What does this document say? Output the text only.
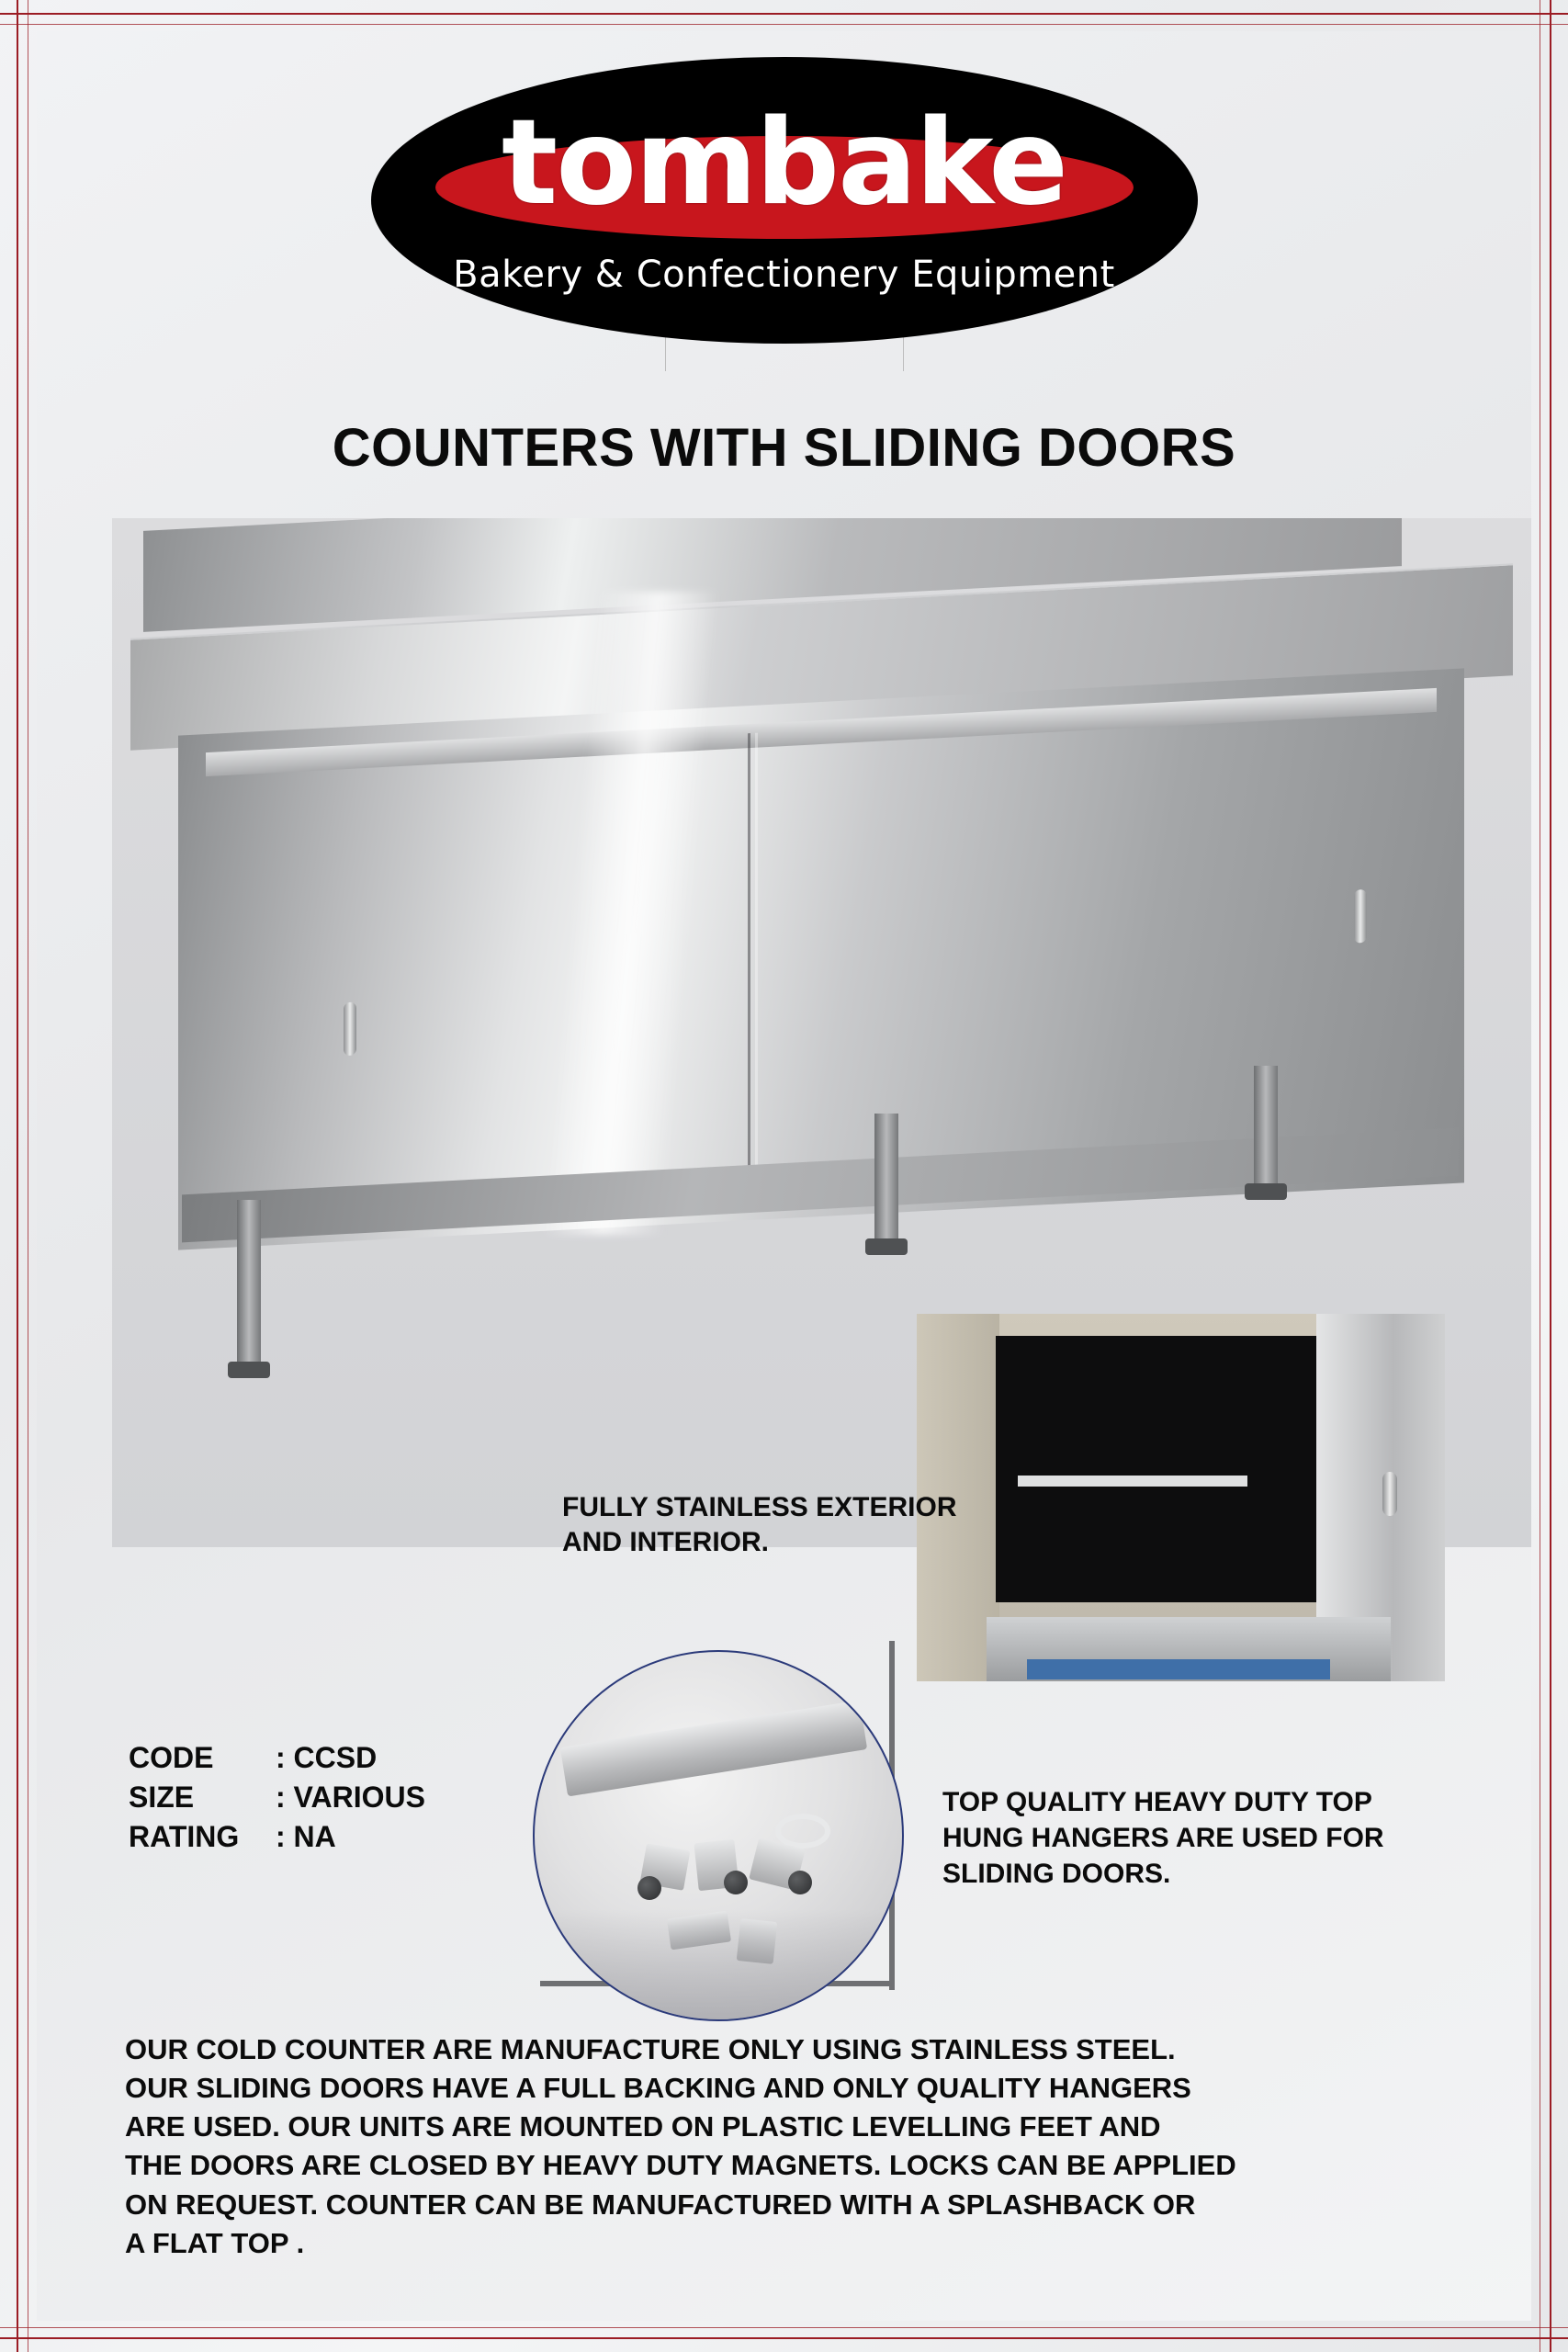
tombake
Bakery & Confectionery Equipment
COUNTERS WITH SLIDING DOORS
FULLY STAINLESS EXTERIOR
AND INTERIOR.
CODE	: CCSD
SIZE	: VARIOUS
RATING	: NA
TOP QUALITY HEAVY DUTY TOP
HUNG HANGERS ARE USED FOR
SLIDING DOORS.
OUR COLD COUNTER ARE MANUFACTURE ONLY USING STAINLESS STEEL.
OUR SLIDING DOORS HAVE A FULL BACKING AND ONLY QUALITY HANGERS
ARE USED. OUR UNITS ARE MOUNTED ON PLASTIC LEVELLING FEET AND
THE DOORS ARE CLOSED BY HEAVY DUTY MAGNETS. LOCKS CAN BE APPLIED
ON REQUEST. COUNTER CAN BE MANUFACTURED WITH A SPLASHBACK OR
A FLAT TOP .
